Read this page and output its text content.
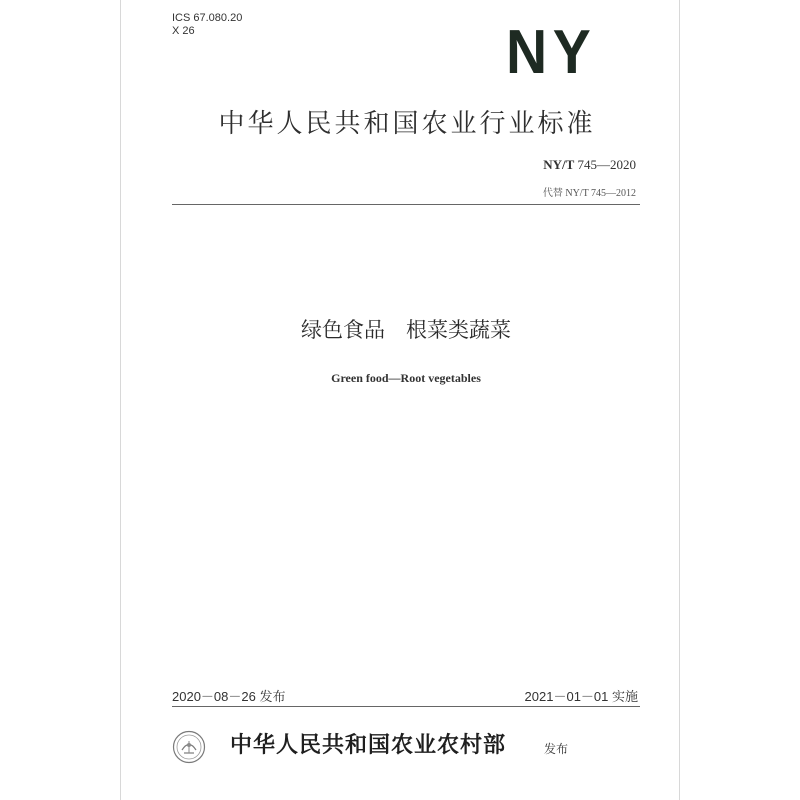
ICS 67.080.20
X 26	NY
中华人民共和国农业行业标准
NY/T 745—2020
代替 NY/T 745—2012
绿色食品　根菜类蔬菜
Green food—Root vegetables
2020－08－26 发布	2021－01－01 实施
中华人民共和国农业农村部	发布
